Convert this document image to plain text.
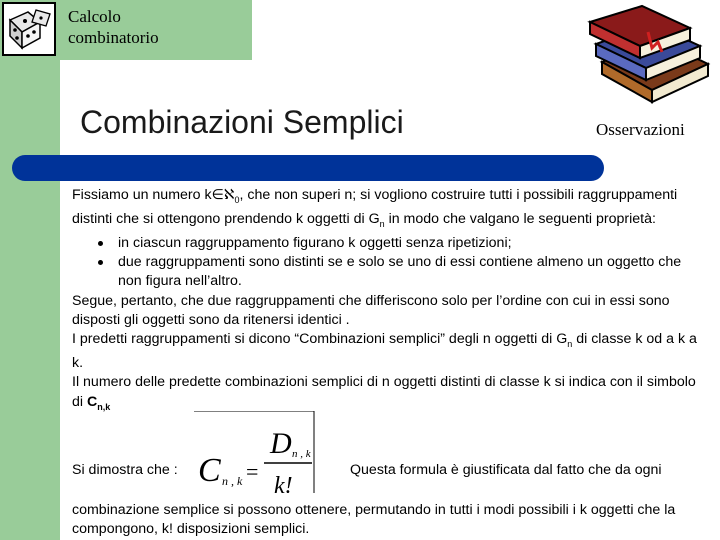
Calcolo
combinatorio
Combinazioni Semplici	Osservazioni

Fissiamo un numero k∈ℵ$_0$, che non superi n; si vogliono costruire tutti i possibili raggruppamenti distinti che si ottengono prendendo k oggetti di $G_n$ in modo che valgano le seguenti proprietà:

in ciascun raggruppamento figurano k oggetti senza ripetizioni;
due raggruppamenti sono distinti se e solo se uno di essi contiene almeno un oggetto che non figura nell’altro.

Segue, pertanto, che due raggruppamenti che differiscono solo per l’ordine con cui in essi sono disposti gli oggetti sono da ritenersi identici .

I predetti raggruppamenti si dicono “Combinazioni semplici” degli n oggetti di $G_n$ di classe k od a k a k.

Il numero delle predette combinazioni semplici di n oggetti distinti di classe k si indica con il simbolo di $C_{n,k}$

Si dimostra che : C n , k =
D n , k
k!
Questa formula è giustificata dal fatto che da ogni

combinazione semplice si possono ottenere, permutando in tutti i modi possibili i k oggetti che la compongono, k! disposizioni semplici.
